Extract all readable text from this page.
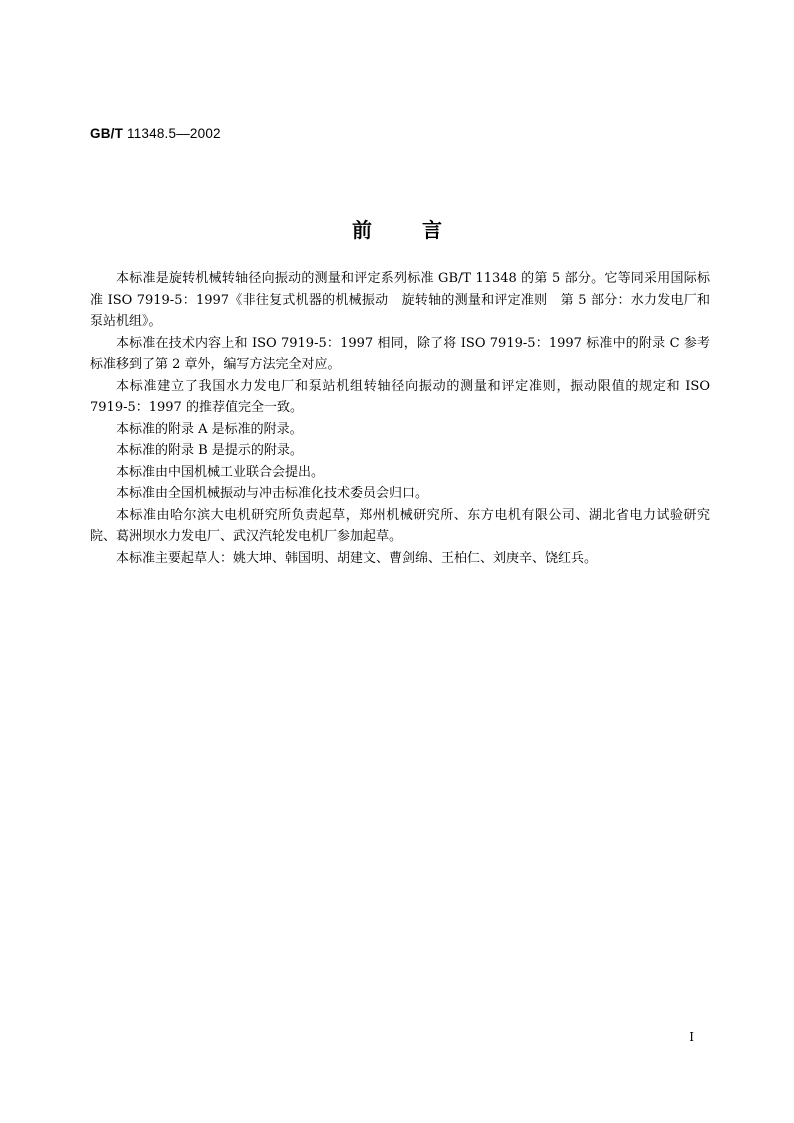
GB/T 11348.5—2002
前言

本标准是旋转机械转轴径向振动的测量和评定系列标准 GB/T 11348 的第 5 部分。它等同采用国际标准 ISO 7919-5：1997《非往复式机器的机械振动　旋转轴的测量和评定准则　第 5 部分：水力发电厂和泵站机组》。

本标准在技术内容上和 ISO 7919-5：1997 相同，除了将 ISO 7919-5：1997 标准中的附录 C 参考标准移到了第 2 章外，编写方法完全对应。

本标准建立了我国水力发电厂和泵站机组转轴径向振动的测量和评定准则，振动限值的规定和 ISO 7919-5：1997 的推荐值完全一致。

本标准的附录 A 是标准的附录。

本标准的附录 B 是提示的附录。

本标准由中国机械工业联合会提出。

本标准由全国机械振动与冲击标准化技术委员会归口。

本标准由哈尔滨大电机研究所负责起草，郑州机械研究所、东方电机有限公司、湖北省电力试验研究院、葛洲坝水力发电厂、武汉汽轮发电机厂参加起草。

本标准主要起草人：姚大坤、韩国明、胡建文、曹剑绵、王柏仁、刘庚辛、饶红兵。

I
